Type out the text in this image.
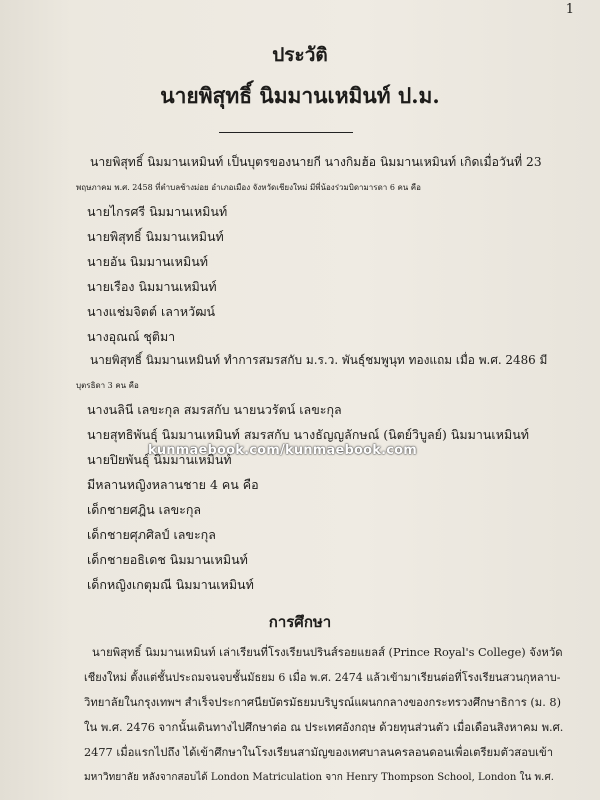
1
ประวัติ
นายพิสุทธิ์ นิมมานเหมินท์ ป.ม.
นายพิสุทธิ์ นิมมานเหมินท์ เป็นบุตรของนายกี นางกิมฮ้อ นิมมานเหมินท์ เกิดเมื่อวันที่ 23
พฤษภาคม พ.ศ. 2458 ที่ตำบลช้างม่อย อำเภอเมือง จังหวัดเชียงใหม่ มีพี่น้องร่วมบิดามารดา 6 คน คือ
นายไกรศรี นิมมานเหมินท์
นายพิสุทธิ์ นิมมานเหมินท์
นายอัน นิมมานเหมินท์
นายเรือง นิมมานเหมินท์
นางแช่มจิตต์ เลาหวัฒน์
นางอุณณ์ ชุติมา
นายพิสุทธิ์ นิมมานเหมินท์ ทำการสมรสกับ ม.ร.ว. พันธุ์ชมพูนุท ทองแถม เมื่อ พ.ศ. 2486 มี
บุตรธิดา 3 คน คือ
นางนลินี เลขะกุล สมรสกับ นายนวรัตน์ เลขะกุล
นายสุทธิพันธุ์ นิมมานเหมินท์ สมรสกับ นางธัญญลักษณ์ (นิตย์วิบูลย์) นิมมานเหมินท์
นายปิยพันธุ์ นิมมานเหมินท์
kunmaebook.com/kunmaebook.com
มีหลานหญิงหลานชาย 4 คน คือ
เด็กชายศฎิน เลขะกุล
เด็กชายศุภศิลป์ เลขะกุล
เด็กชายอธิเดช นิมมานเหมินท์
เด็กหญิงเกตุมณี นิมมานเหมินท์
การศึกษา
นายพิสุทธิ์ นิมมานเหมินท์ เล่าเรียนที่โรงเรียนปรินส์รอยแยลส์ (Prince Royal's College) จังหวัด
เชียงใหม่ ตั้งแต่ชั้นประถมจนจบชั้นมัธยม 6 เมื่อ พ.ศ. 2474 แล้วเข้ามาเรียนต่อที่โรงเรียนสวนกุหลาบ-
วิทยาลัยในกรุงเทพฯ สำเร็จประกาศนียบัตรมัธยมบริบูรณ์แผนกกลางของกระทรวงศึกษาธิการ (ม. 8)
ใน พ.ศ. 2476 จากนั้นเดินทางไปศึกษาต่อ ณ ประเทศอังกฤษ ด้วยทุนส่วนตัว เมื่อเดือนสิงหาคม พ.ศ.
2477 เมื่อแรกไปถึง ได้เข้าศึกษาในโรงเรียนสามัญของเทศบาลนครลอนดอนเพื่อเตรียมตัวสอบเข้า
มหาวิทยาลัย หลังจากสอบได้ London Matriculation จาก Henry Thompson School, London ใน พ.ศ.
